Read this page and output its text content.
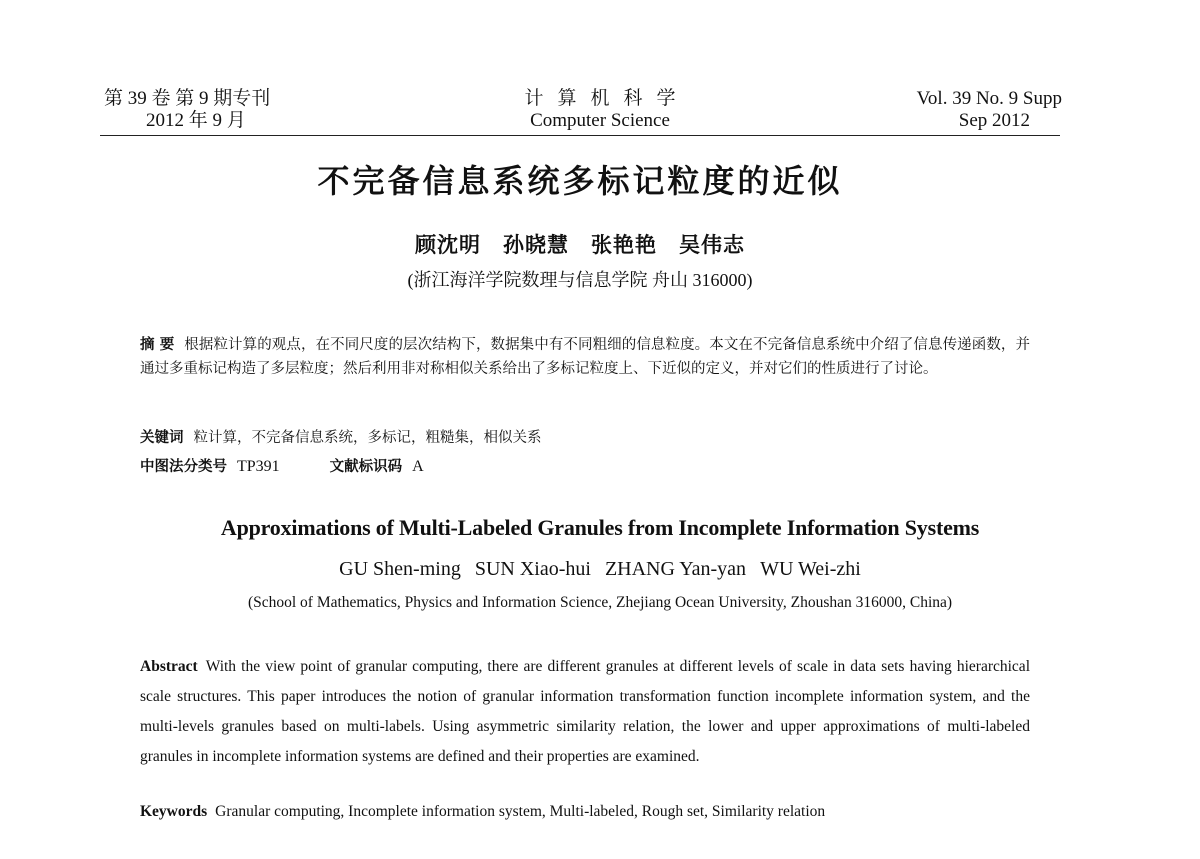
第 39 卷 第 9 期专刊
2012 年 9 月
计算机科学
Computer Science
Vol. 39 No. 9 Supp
Sep 2012
不完备信息系统多标记粒度的近似
顾沈明 孙晓慧 张艳艳 吴伟志
(浙江海洋学院数理与信息学院 舟山 316000)
摘 要 根据粒计算的观点，在不同尺度的层次结构下，数据集中有不同粗细的信息粒度。本文在不完备信息系统中介绍了信息传递函数，并通过多重标记构造了多层粒度；然后利用非对称相似关系给出了多标记粒度上、下近似的定义，并对它们的性质进行了讨论。
关键词 粒计算，不完备信息系统，多标记，粗糙集，相似关系
中图法分类号 TP391	文献标识码 A
Approximations of Multi-Labeled Granules from Incomplete Information Systems
GU Shen-ming SUN Xiao-hui ZHANG Yan-yan WU Wei-zhi
(School of Mathematics, Physics and Information Science, Zhejiang Ocean University, Zhoushan 316000, China)
Abstract With the view point of granular computing, there are different granules at different levels of scale in data sets having hierarchical scale structures. This paper introduces the notion of granular information transformation function incomplete information system, and the multi-levels granules based on multi-labels. Using asymmetric similarity relation, the lower and upper approximations of multi-labeled granules in incomplete information systems are defined and their properties are examined.
Keywords Granular computing, Incomplete information system, Multi-labeled, Rough set, Similarity relation
